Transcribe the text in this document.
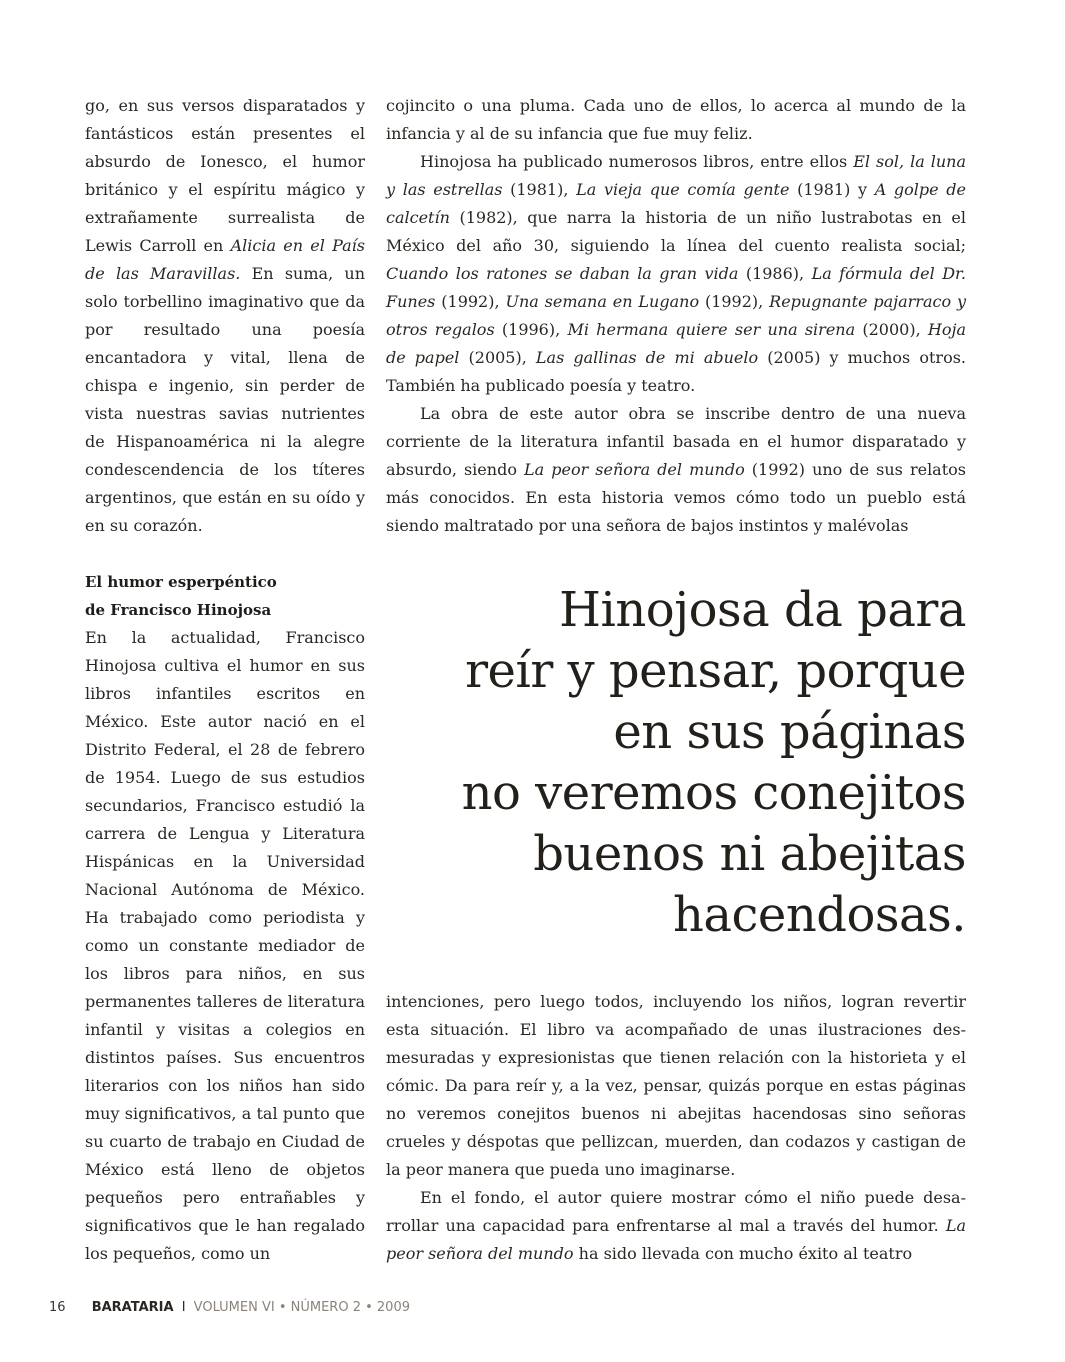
go, en sus versos disparatados y fantásticos están presentes el absurdo de Ionesco, el humor británico y el espíritu mágico y extrañamente surrealista de Lewis Carroll en Alicia en el País de las Maravillas. En suma, un solo torbellino imaginativo que da por resultado una poesía encantadora y vital, llena de chispa e ingenio, sin perder de vista nuestras savias nutrientes de Hispanoamérica ni la alegre condescendencia de los títeres argentinos, que están en su oído y en su corazón.

El humor esperpéntico
de Francisco Hinojosa

En la actualidad, Francisco Hinojosa cultiva el humor en sus libros infantiles escritos en México. Este autor nació en el Distrito Federal, el 28 de febrero de 1954. Luego de sus estudios secundarios, Francisco estudió la carrera de Lengua y Literatura Hispánicas en la Universidad Nacional Autónoma de México. Ha trabajado como periodista y como un constante mediador de los libros para niños, en sus permanentes talleres de literatura infantil y visitas a colegios en distintos países. Sus encuentros literarios con los niños han sido muy significativos, a tal punto que su cuarto de trabajo en Ciudad de México está lleno de objetos pequeños pero entrañables y significativos que le han regalado los pequeños, como un

cojincito o una pluma. Cada uno de ellos, lo acerca al mundo de la infancia y al de su infancia que fue muy feliz.

Hinojosa ha publicado numerosos libros, entre ellos El sol, la luna y las estrellas (1981), La vieja que comía gente (1981) y A golpe de calcetín (1982), que narra la historia de un niño lustrabotas en el México del año 30, siguiendo la línea del cuento realista social; Cuando los ratones se daban la gran vida (1986), La fórmula del Dr. Funes (1992), Una semana en Lugano (1992), Repugnante pajarraco y otros regalos (1996), Mi hermana quiere ser una sirena (2000), Hoja de papel (2005), Las gallinas de mi abuelo (2005) y muchos otros. También ha publicado poesía y teatro.

La obra de este autor obra se inscribe dentro de una nueva corriente de la literatura infantil basada en el humor disparatado y absurdo, siendo La peor señora del mundo (1992) uno de sus relatos más conocidos. En esta historia vemos cómo todo un pueblo está siendo maltratado por una señora de bajos instintos y malévolas

Hinojosa da para
reír y pensar, porque
en sus páginas
no veremos conejitos
buenos ni abejitas
hacendosas.

intenciones, pero luego todos, incluyendo los niños, logran revertir esta situación. El libro va acompañado de unas ilustraciones desmesuradas y expresionistas que tienen relación con la historieta y el cómic. Da para reír y, a la vez, pensar, quizás porque en estas páginas no veremos conejitos buenos ni abejitas hacendosas sino señoras crueles y déspotas que pellizcan, muerden, dan codazos y castigan de la peor manera que pueda uno imaginarse.

En el fondo, el autor quiere mostrar cómo el niño puede desarrollar una capacidad para enfrentarse al mal a través del humor. La peor señora del mundo ha sido llevada con mucho éxito al teatro

16 BARATARIA I VOLUMEN VI • NÚMERO 2 • 2009
